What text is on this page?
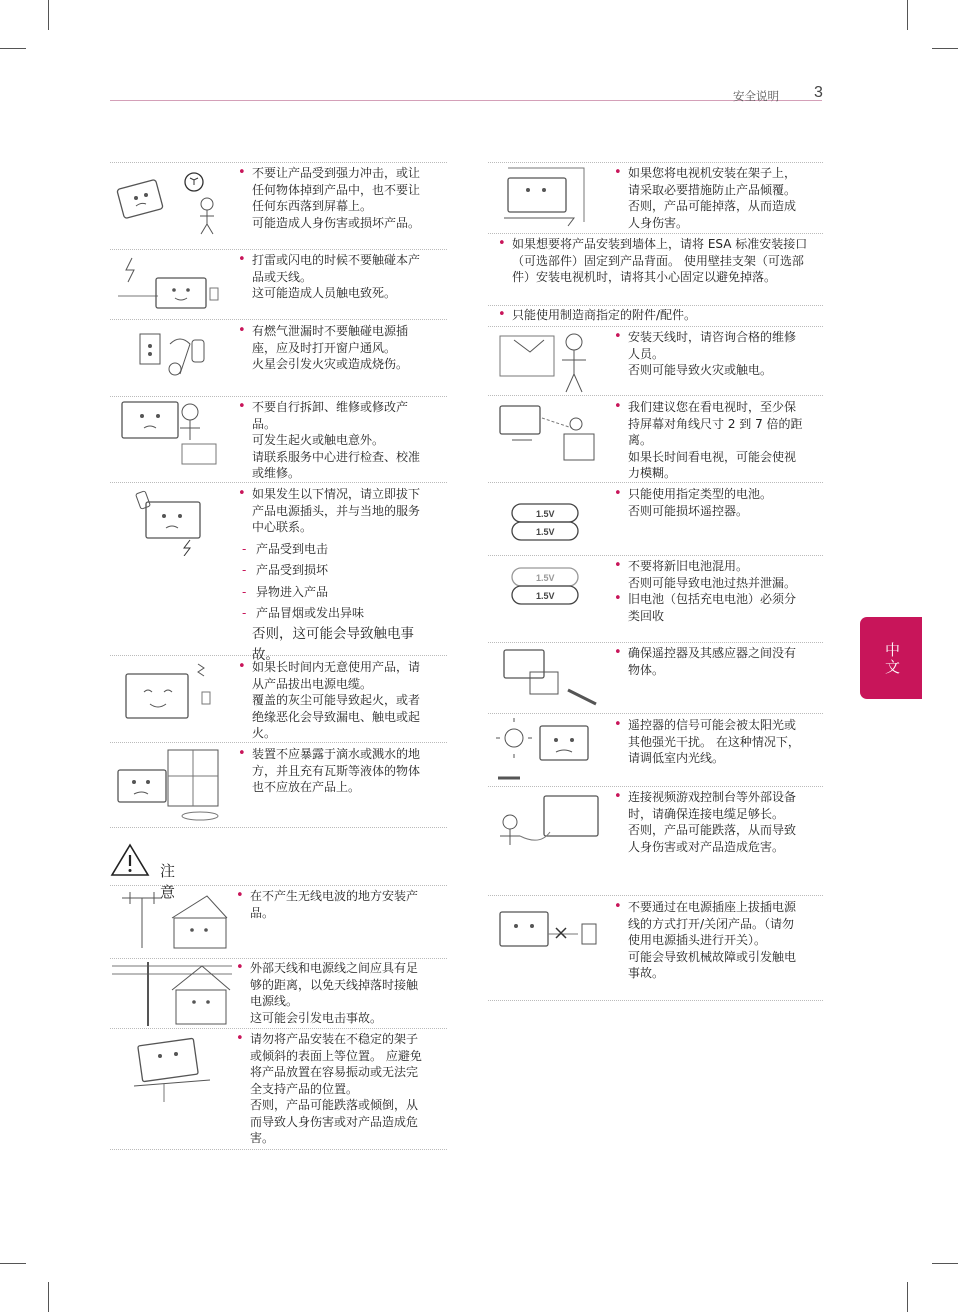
安全说明 3
中文
• 不要让产品受到强力冲击，或让任何物体掉到产品中，也不要让任何东西落到屏幕上。
可能造成人身伤害或损坏产品。
• 打雷或闪电的时候不要触碰本产品或天线。
这可能造成人员触电致死。
• 有燃气泄漏时不要触碰电源插座，应及时打开窗户通风。
火星会引发火灾或造成烧伤。
• 不要自行拆卸、维修或修改产品。
可发生起火或触电意外。
请联系服务中心进行检查、校准或维修。
• 如果发生以下情况，请立即拔下产品电源插头，并与当地的服务中心联系。
- 产品受到电击
- 产品受到损坏
- 异物进入产品
- 产品冒烟或发出异味
否则，这可能会导致触电事故。
• 如果长时间内无意使用产品，请从产品拔出电源电缆。
覆盖的灰尘可能导致起火，或者绝缘恶化会导致漏电、触电或起火。
• 装置不应暴露于滴水或溅水的地方，并且充有瓦斯等液体的物体也不应放在产品上。
注意
•	在不产生无线电波的地方安装产品。
• 外部天线和电源线之间应具有足够的距离，以免天线掉落时接触电源线。
这可能会引发电击事故。
• 请勿将产品安装在不稳定的架子或倾斜的表面上等位置。 应避免将产品放置在容易振动或无法完全支持产品的位置。
否则，产品可能跌落或倾倒，从而导致人身伤害或对产品造成危害。
• 如果您将电视机安装在架子上，请采取必要措施防止产品倾覆。 否则，产品可能掉落，从而造成人身伤害。
• 如果想要将产品安装到墙体上，请将 ESA 标准安装接口（可选部件）固定到产品背面。 使用壁挂支架（可选部件）安装电视机时，请将其小心固定以避免掉落。
• 只能使用制造商指定的附件/配件。
• 安装天线时，请咨询合格的维修人员。
否则可能导致火灾或触电。
• 我们建议您在看电视时，至少保持屏幕对角线尺寸 2 到 7 倍的距离。
如果长时间看电视，可能会使视力模糊。
1.5V
1.5V
• 只能使用指定类型的电池。
否则可能损坏遥控器。
1.5V
1.5V
• 不要将新旧电池混用。
否则可能导致电池过热并泄漏。
• 旧电池（包括充电电池）必须分类回收
• 确保遥控器及其感应器之间没有物体。
• 遥控器的信号可能会被太阳光或其他强光干扰。 在这种情况下，请调低室内光线。
• 连接视频游戏控制台等外部设备时，请确保连接电缆足够长。
否则，产品可能跌落，从而导致人身伤害或对产品造成危害。
• 不要通过在电源插座上拔插电源线的方式打开/关闭产品。（请勿使用电源插头进行开关）。
可能会导致机械故障或引发触电事故。
